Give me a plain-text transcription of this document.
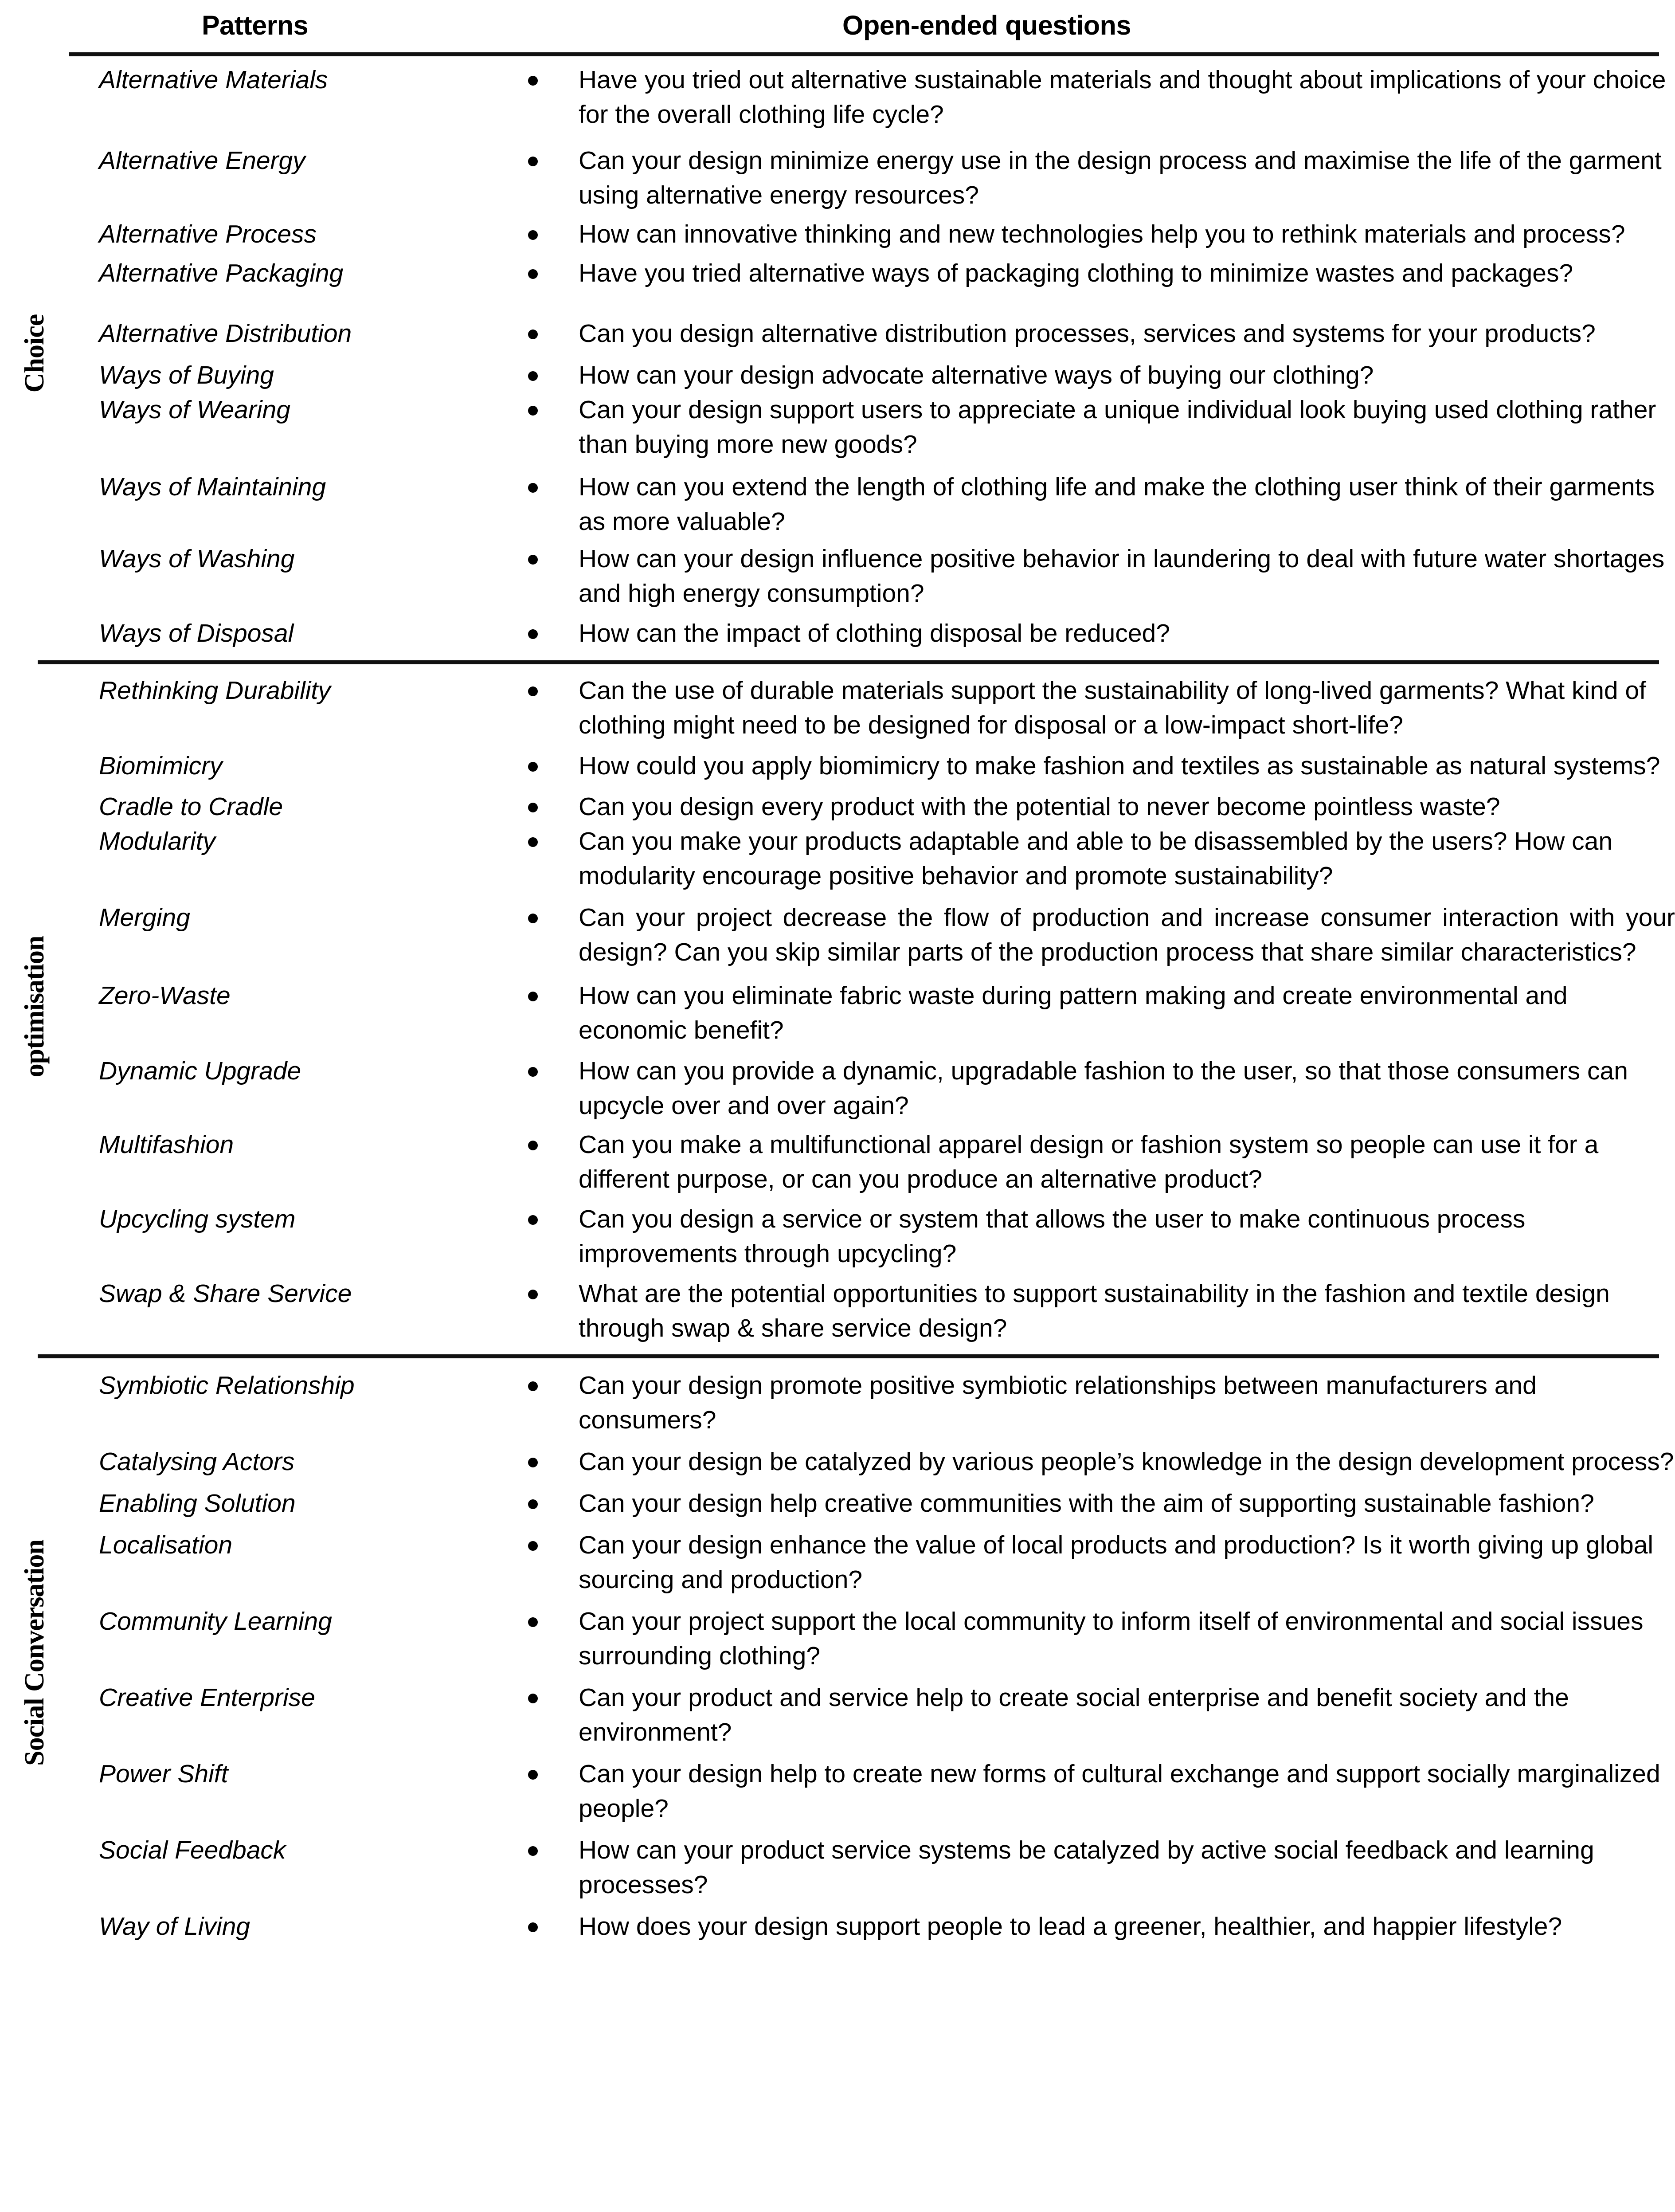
Patterns	Open-ended questions
Choice
Alternative Materials	Have you tried out alternative sustainable materials and thought about implications of your choice for the overall clothing life cycle?
Alternative Energy	Can your design minimize energy use in the design process and maximise the life of the garment using alternative energy resources?
Alternative Process	How can innovative thinking and new technologies help you to rethink materials and process?
Alternative Packaging	Have you tried alternative ways of packaging clothing to minimize wastes and packages?
Alternative Distribution	Can you design alternative distribution processes, services and systems for your products?
Ways of Buying	How can your design advocate alternative ways of buying our clothing?
Ways of Wearing	Can your design support users to appreciate a unique individual look buying used clothing rather than buying more new goods?
Ways of Maintaining	How can you extend the length of clothing life and make the clothing user think of their garments as more valuable?
Ways of Washing	How can your design influence positive behavior in laundering to deal with future water shortages and high energy consumption?
Ways of Disposal	How can the impact of clothing disposal be reduced?
optimisation
Rethinking Durability	Can the use of durable materials support the sustainability of long-lived garments? What kind of clothing might need to be designed for disposal or a low-impact short-life?
Biomimicry	How could you apply biomimicry to make fashion and textiles as sustainable as natural systems?
Cradle to Cradle	Can you design every product with the potential to never become pointless waste?
Modularity	Can you make your products adaptable and able to be disassembled by the users? How can modularity encourage positive behavior and promote sustainability?
Merging	Can your project decrease the flow of production and increase consumer interaction with your design? Can you skip similar parts of the production process that share similar characteristics?
Zero-Waste	How can you eliminate fabric waste during pattern making and create environmental and economic benefit?
Dynamic Upgrade	How can you provide a dynamic, upgradable fashion to the user, so that those consumers can upcycle over and over again?
Multifashion	Can you make a multifunctional apparel design or fashion system so people can use it for a different purpose, or can you produce an alternative product?
Upcycling system	Can you design a service or system that allows the user to make continuous process improvements through upcycling?
Swap & Share Service	What are the potential opportunities to support sustainability in the fashion and textile design through swap & share service design?
Social Conversation
Symbiotic Relationship	Can your design promote positive symbiotic relationships between manufacturers and consumers?
Catalysing Actors	Can your design be catalyzed by various people’s knowledge in the design development process?
Enabling Solution	Can your design help creative communities with the aim of supporting sustainable fashion?
Localisation	Can your design enhance the value of local products and production? Is it worth giving up global sourcing and production?
Community Learning	Can your project support the local community to inform itself of environmental and social issues surrounding clothing?
Creative Enterprise	Can your product and service help to create social enterprise and benefit society and the environment?
Power Shift	Can your design help to create new forms of cultural exchange and support socially marginalized people?
Social Feedback	How can your product service systems be catalyzed by active social feedback and learning processes?
Way of Living	How does your design support people to lead a greener, healthier, and happier lifestyle?
